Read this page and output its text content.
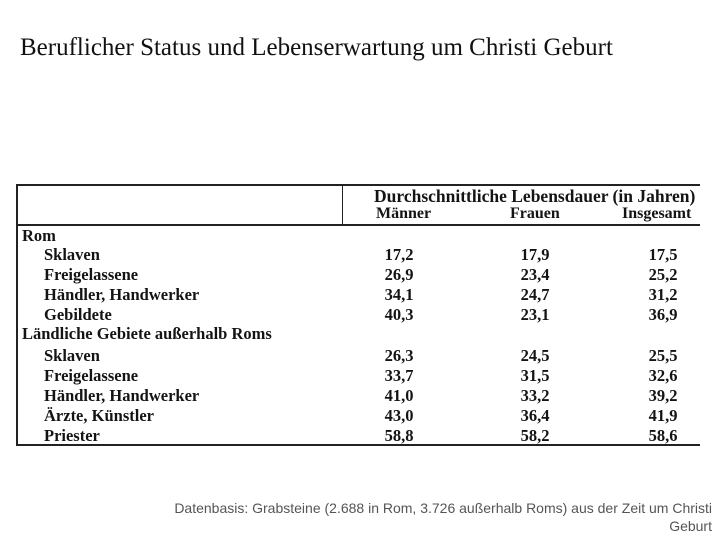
Beruflicher Status und Lebenserwartung um Christi Geburt
Durchschnittliche Lebensdauer (in Jahren)
Männer	Frauen	Insgesamt
Rom
Sklaven	17,2	17,9	17,5
Freigelassene	26,9	23,4	25,2
Händler, Handwerker	34,1	24,7	31,2
Gebildete	40,3	23,1	36,9
Ländliche Gebiete außerhalb Roms
Sklaven	26,3	24,5	25,5
Freigelassene	33,7	31,5	32,6
Händler, Handwerker	41,0	33,2	39,2
Ärzte, Künstler	43,0	36,4	41,9
Priester	58,8	58,2	58,6
Datenbasis: Grabsteine (2.688 in Rom, 3.726 außerhalb Roms) aus der Zeit um Christi Geburt
